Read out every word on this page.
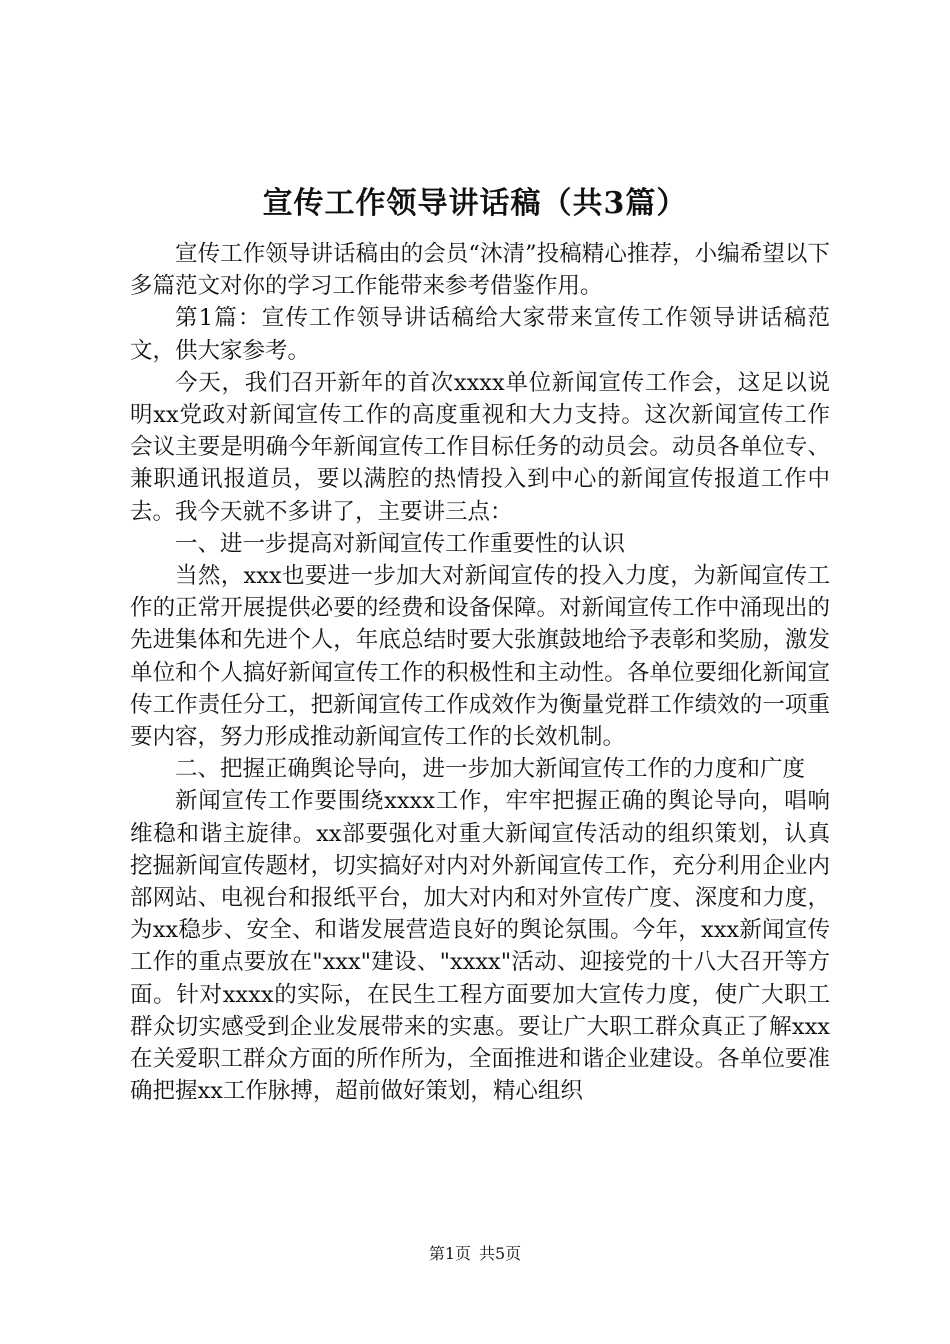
宣传工作领导讲话稿（共3篇）

宣传工作领导讲话稿由的会员“沐清”投稿精心推荐，小编希望以下多篇范文对你的学习工作能带来参考借鉴作用。

第1篇：宣传工作领导讲话稿给大家带来宣传工作领导讲话稿范文，供大家参考。

今天，我们召开新年的首次xxxx单位新闻宣传工作会，这足以说明xx党政对新闻宣传工作的高度重视和大力支持。这次新闻宣传工作会议主要是明确今年新闻宣传工作目标任务的动员会。动员各单位专、兼职通讯报道员，要以满腔的热情投入到中心的新闻宣传报道工作中去。我今天就不多讲了，主要讲三点：

一、进一步提高对新闻宣传工作重要性的认识

当然，xxx也要进一步加大对新闻宣传的投入力度，为新闻宣传工作的正常开展提供必要的经费和设备保障。对新闻宣传工作中涌现出的先进集体和先进个人，年底总结时要大张旗鼓地给予表彰和奖励，激发单位和个人搞好新闻宣传工作的积极性和主动性。各单位要细化新闻宣传工作责任分工，把新闻宣传工作成效作为衡量党群工作绩效的一项重要内容，努力形成推动新闻宣传工作的长效机制。

二、把握正确舆论导向，进一步加大新闻宣传工作的力度和广度

新闻宣传工作要围绕xxxx工作，牢牢把握正确的舆论导向，唱响维稳和谐主旋律。xx部要强化对重大新闻宣传活动的组织策划，认真挖掘新闻宣传题材，切实搞好对内对外新闻宣传工作，充分利用企业内部网站、电视台和报纸平台，加大对内和对外宣传广度、深度和力度，为xx稳步、安全、和谐发展营造良好的舆论氛围。今年，xxx新闻宣传工作的重点要放在"xxx"建设、"xxxx"活动、迎接党的十八大召开等方面。针对xxxx的实际，在民生工程方面要加大宣传力度，使广大职工群众切实感受到企业发展带来的实惠。要让广大职工群众真正了解xxx在关爱职工群众方面的所作所为，全面推进和谐企业建设。各单位要准确把握xx工作脉搏，超前做好策划，精心组织

第1页 共5页
